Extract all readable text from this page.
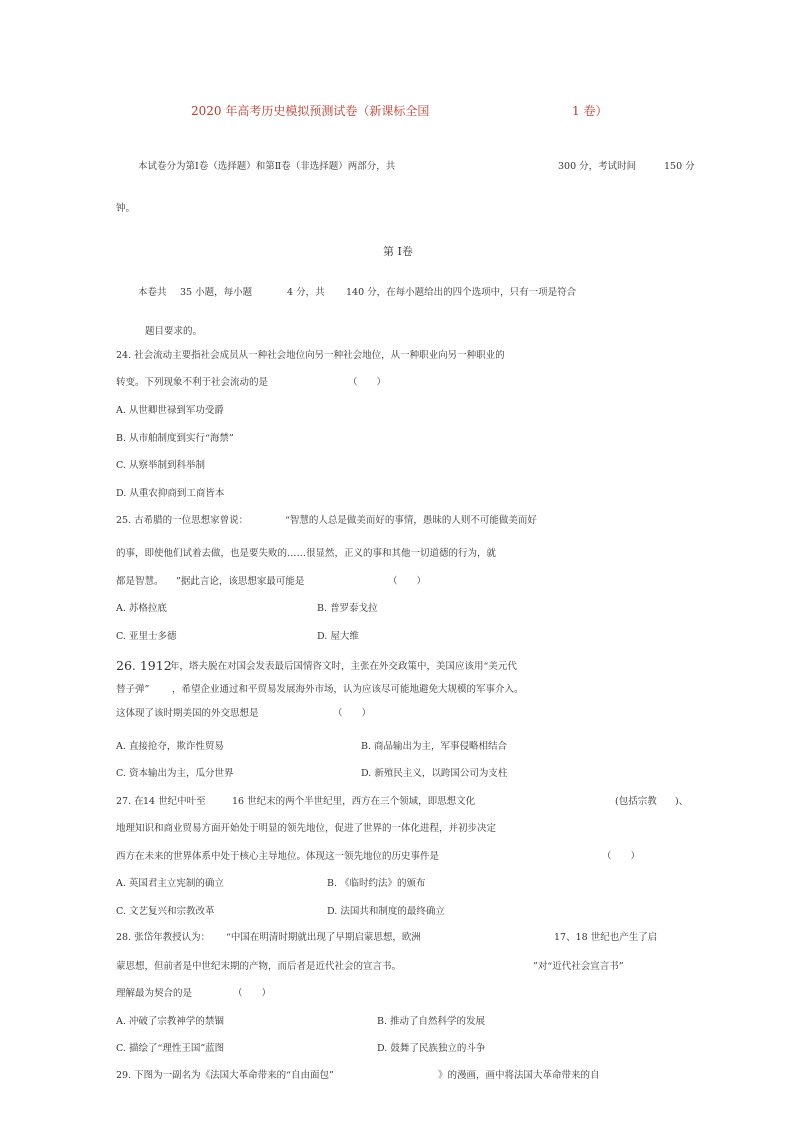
2020 年高考历史模拟预测试卷（新课标全国	1 卷）
本试卷分为第Ⅰ卷（选择题）和第Ⅱ卷（非选择题）两部分，共	300 分，考试时间	150 分
钟。
第 Ⅰ卷
本卷共 35 小题，每小题	4 分，共 140 分，在每小题给出的四个选项中，只有一项是符合
题目要求的。
24. 社会流动主要指社会成员从一种社会地位向另一种社会地位，从一种职业向另一种职业的
转变。下列现象不利于社会流动的是	（　　）
A. 从世卿世禄到军功受爵
B. 从市舶制度到实行“海禁”
C. 从察举制到科举制
D. 从重农抑商到工商皆本
25. 古希腊的一位思想家曾说：	“智慧的人总是做美而好的事情，愚昧的人则不可能做美而好
的事，即使他们试着去做，也是要失败的……很显然，正义的事和其他一切道德的行为，就
都是智慧。 ”据此言论，该思想家最可能是	（　　）
A. 苏格拉底	B. 普罗泰戈拉
C. 亚里士多德	D. 屋大维
26. 1912
年，塔夫脱在对国会发表最后国情咨文时，主张在外交政策中，美国应该用“美元代
替子弹” ，希望企业通过和平贸易发展海外市场，认为应该尽可能地避免大规模的军事介入。
这体现了该时期美国的外交思想是	（　　）
A. 直接抢夺，欺诈性贸易	B. 商品输出为主，军事侵略相结合
C. 资本输出为主，瓜分世界	D. 新殖民主义，以跨国公司为支柱
27. 在 14 世纪中叶至	16 世纪末的两个半世纪里，西方在三个领域，即思想文化	(包括宗教 )、
地理知识和商业贸易方面开始处于明显的领先地位，促进了世界的一体化进程，并初步决定
西方在未来的世界体系中处于核心主导地位。体现这一领先地位的历史事件是	（　　）
A. 英国君主立宪制的确立	B. 《临时约法》的颁布
C. 文艺复兴和宗教改革	D. 法国共和制度的最终确立
28. 张岱年教授认为： “中国在明清时期就出现了早期启蒙思想，欧洲	17、18 世纪也产生了启
蒙思想，但前者是中世纪末期的产物，而后者是近代社会的宣言书。	”对“近代社会宣言书”
理解最为契合的是	（　　）
A. 冲破了宗教神学的禁锢	B. 推动了自然科学的发展
C. 描绘了“理性王国”蓝图	D. 鼓舞了民族独立的斗争
29. 下图为一副名为《法国大革命带来的“自由面包”	》的漫画，画中将法国大革命带来的自
